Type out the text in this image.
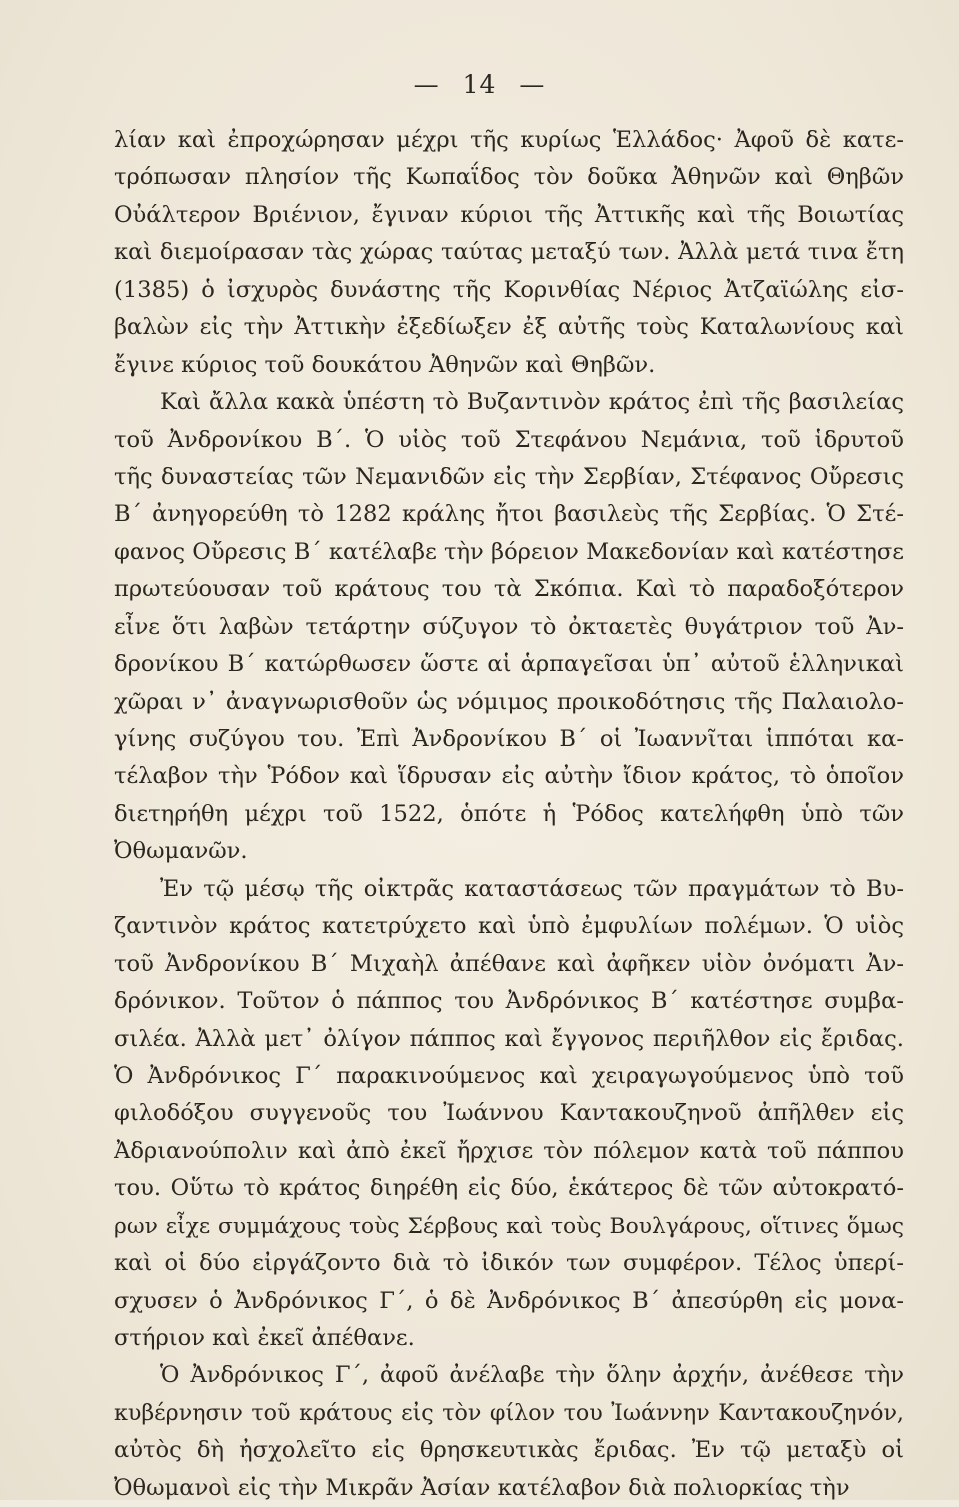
— 14 —
λίαν καὶ ἐπροχώρησαν μέχρι τῆς κυρίως Ἑλλάδος· Ἀφοῦ δὲ κατε-
τρόπωσαν πλησίον τῆς Κωπαΐδος τὸν δοῦκα Ἀθηνῶν καὶ Θηβῶν
Οὐάλτερον Βριένιον, ἔγιναν κύριοι τῆς Ἀττικῆς καὶ τῆς Βοιωτίας
καὶ διεμοίρασαν τὰς χώρας ταύτας μεταξύ των. Ἀλλὰ μετά τινα ἔτη
(1385) ὁ ἰσχυρὸς δυνάστης τῆς Κορινθίας Νέριος Ἀτζαϊώλης εἰσ-
βαλὼν εἰς τὴν Ἀττικὴν ἐξεδίωξεν ἐξ αὐτῆς τοὺς Καταλωνίους καὶ
ἔγινε κύριος τοῦ δουκάτου Ἀθηνῶν καὶ Θηβῶν.
Καὶ ἄλλα κακὰ ὑπέστη τὸ Βυζαντινὸν κράτος ἐπὶ τῆς βασιλείας
τοῦ Ἀνδρονίκου Β΄. Ὁ υἱὸς τοῦ Στεφάνου Νεμάνια, τοῦ ἱδρυτοῦ
τῆς δυναστείας τῶν Νεμανιδῶν εἰς τὴν Σερβίαν, Στέφανος Οὔρεσις
Β΄ ἀνηγορεύθη τὸ 1282 κράλης ἤτοι βασιλεὺς τῆς Σερβίας. Ὁ Στέ-
φανος Οὔρεσις Β΄ κατέλαβε τὴν βόρειον Μακεδονίαν καὶ κατέστησε
πρωτεύουσαν τοῦ κράτους του τὰ Σκόπια. Καὶ τὸ παραδοξότερον
εἶνε ὅτι λαβὼν τετάρτην σύζυγον τὸ ὀκταετὲς θυγάτριον τοῦ Ἀν-
δρονίκου Β΄ κατώρθωσεν ὥστε αἱ ἁρπαγεῖσαι ὑπ᾿ αὐτοῦ ἑλληνικαὶ
χῶραι ν᾿ ἀναγνωρισθοῦν ὡς νόμιμος προικοδότησις τῆς Παλαιολο-
γίνης συζύγου του. Ἐπὶ Ἀνδρονίκου Β΄ οἱ Ἰωαννῖται ἱππόται κα-
τέλαβον τὴν Ῥόδον καὶ ἵδρυσαν εἰς αὐτὴν ἴδιον κράτος, τὸ ὁποῖον
διετηρήθη μέχρι τοῦ 1522, ὁπότε ἡ Ῥόδος κατελήφθη ὑπὸ τῶν
Ὀθωμανῶν.
Ἐν τῷ μέσῳ τῆς οἰκτρᾶς καταστάσεως τῶν πραγμάτων τὸ Βυ-
ζαντινὸν κράτος κατετρύχετο καὶ ὑπὸ ἐμφυλίων πολέμων. Ὁ υἱὸς
τοῦ Ἀνδρονίκου Β΄ Μιχαὴλ ἀπέθανε καὶ ἀφῆκεν υἱὸν ὀνόματι Ἀν-
δρόνικον. Τοῦτον ὁ πάππος του Ἀνδρόνικος Β΄ κατέστησε συμβα-
σιλέα. Ἀλλὰ μετ᾿ ὀλίγον πάππος καὶ ἔγγονος περιῆλθον εἰς ἔριδας.
Ὁ Ἀνδρόνικος Γ΄ παρακινούμενος καὶ χειραγωγούμενος ὑπὸ τοῦ
φιλοδόξου συγγενοῦς του Ἰωάννου Καντακουζηνοῦ ἀπῆλθεν εἰς
Ἀδριανούπολιν καὶ ἀπὸ ἐκεῖ ἤρχισε τὸν πόλεμον κατὰ τοῦ πάππου
του. Οὕτω τὸ κράτος διηρέθη εἰς δύο, ἑκάτερος δὲ τῶν αὐτοκρατό-
ρων εἶχε συμμάχους τοὺς Σέρβους καὶ τοὺς Βουλγάρους, οἵτινες ὅμως
καὶ οἱ δύο εἰργάζοντο διὰ τὸ ἰδικόν των συμφέρον. Τέλος ὑπερί-
σχυσεν ὁ Ἀνδρόνικος Γ΄, ὁ δὲ Ἀνδρόνικος Β΄ ἀπεσύρθη εἰς μονα-
στήριον καὶ ἐκεῖ ἀπέθανε.
Ὁ Ἀνδρόνικος Γ΄, ἀφοῦ ἀνέλαβε τὴν ὅλην ἀρχήν, ἀνέθεσε τὴν
κυβέρνησιν τοῦ κράτους εἰς τὸν φίλον του Ἰωάννην Καντακουζηνόν,
αὐτὸς δὴ ἠσχολεῖτο εἰς θρησκευτικὰς ἔριδας. Ἐν τῷ μεταξὺ οἱ
Ὀθωμανοὶ εἰς τὴν Μικρᾶν Ἀσίαν κατέλαβον διὰ πολιορκίας τὴν
